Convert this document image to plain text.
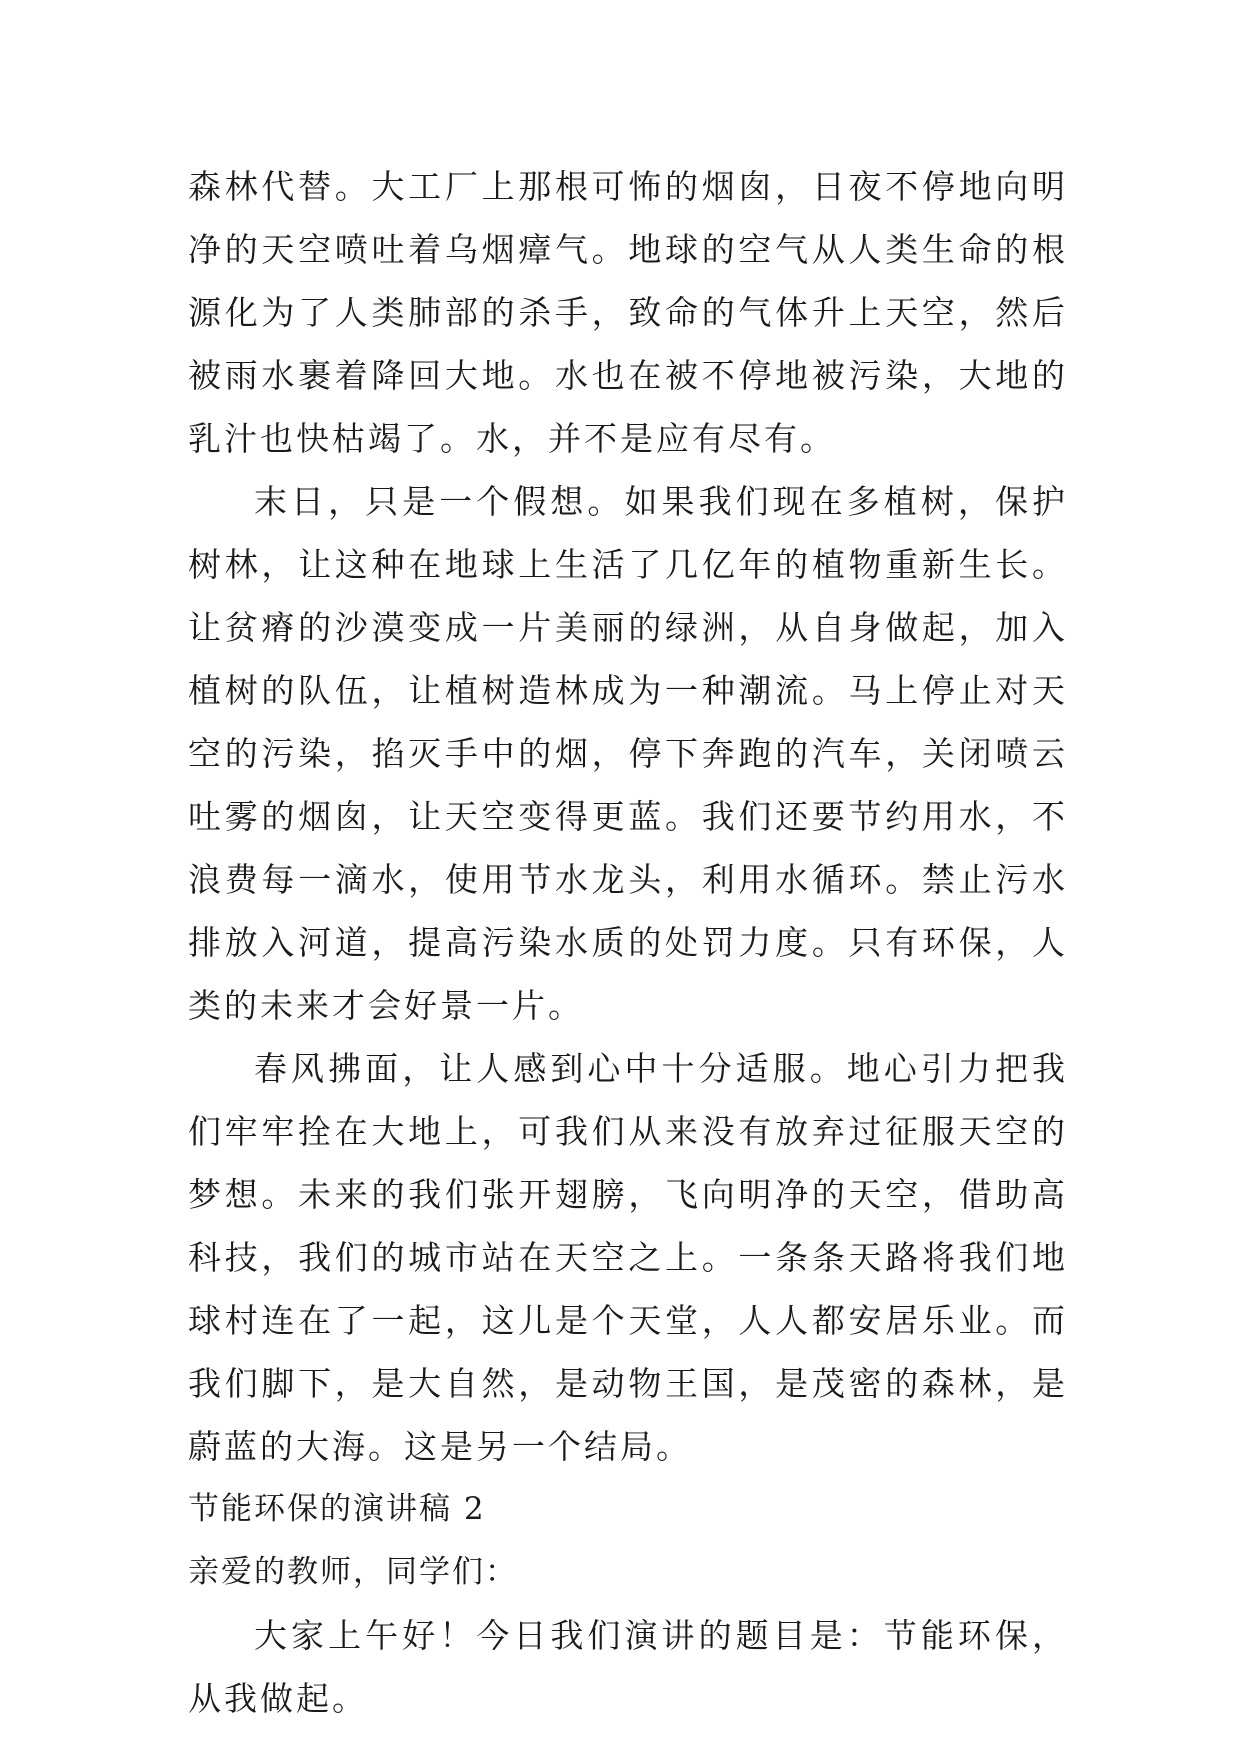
森林代替。大工厂上那根可怖的烟囱，日夜不停地向明净的天空喷吐着乌烟瘴气。地球的空气从人类生命的根源化为了人类肺部的杀手，致命的气体升上天空，然后被雨水裹着降回大地。水也在被不停地被污染，大地的乳汁也快枯竭了。水，并不是应有尽有。

末日，只是一个假想。如果我们现在多植树，保护树林，让这种在地球上生活了几亿年的植物重新生长。让贫瘠的沙漠变成一片美丽的绿洲，从自身做起，加入植树的队伍，让植树造林成为一种潮流。马上停止对天空的污染，掐灭手中的烟，停下奔跑的汽车，关闭喷云吐雾的烟囱，让天空变得更蓝。我们还要节约用水，不浪费每一滴水，使用节水龙头，利用水循环。禁止污水排放入河道，提高污染水质的处罚力度。只有环保，人类的未来才会好景一片。

春风拂面，让人感到心中十分适服。地心引力把我们牢牢拴在大地上，可我们从来没有放弃过征服天空的梦想。未来的我们张开翅膀，飞向明净的天空，借助高科技，我们的城市站在天空之上。一条条天路将我们地球村连在了一起，这儿是个天堂，人人都安居乐业。而我们脚下，是大自然，是动物王国，是茂密的森林，是蔚蓝的大海。这是另一个结局。

节能环保的演讲稿 2

亲爱的教师，同学们：

大家上午好！今日我们演讲的题目是：节能环保，从我做起。
